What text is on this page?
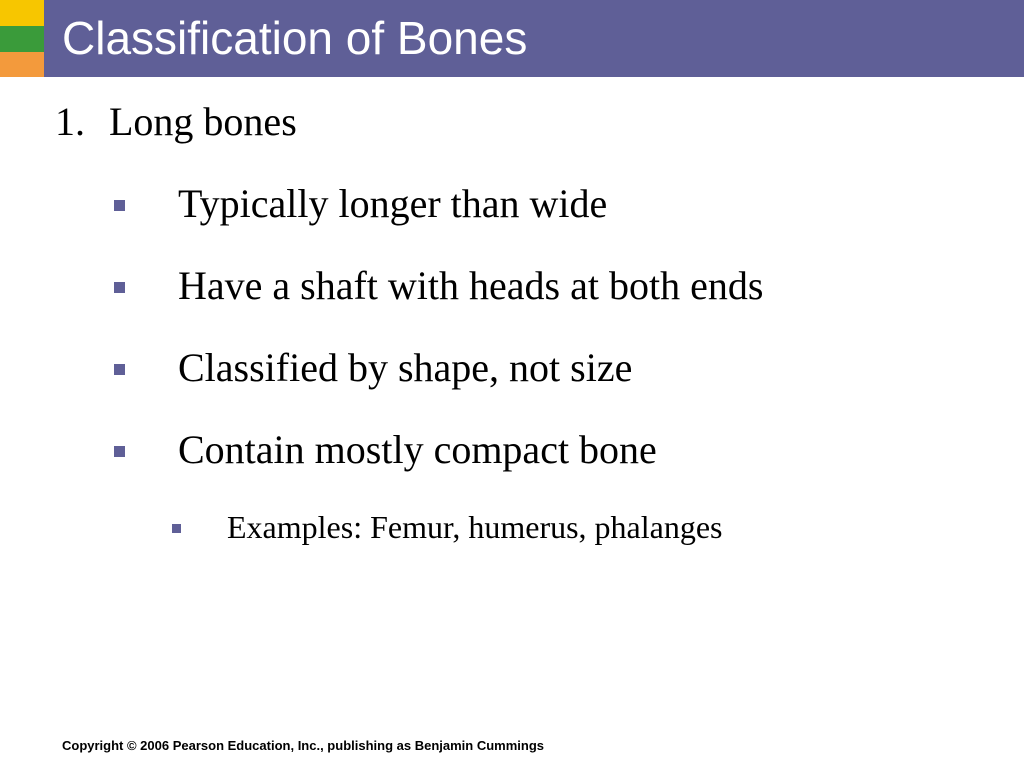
Classification of Bones
1. Long bones
Typically longer than wide
Have a shaft with heads at both ends
Classified by shape, not size
Contain mostly compact bone
Examples: Femur, humerus, phalanges
Copyright © 2006 Pearson Education, Inc., publishing as Benjamin Cummings
